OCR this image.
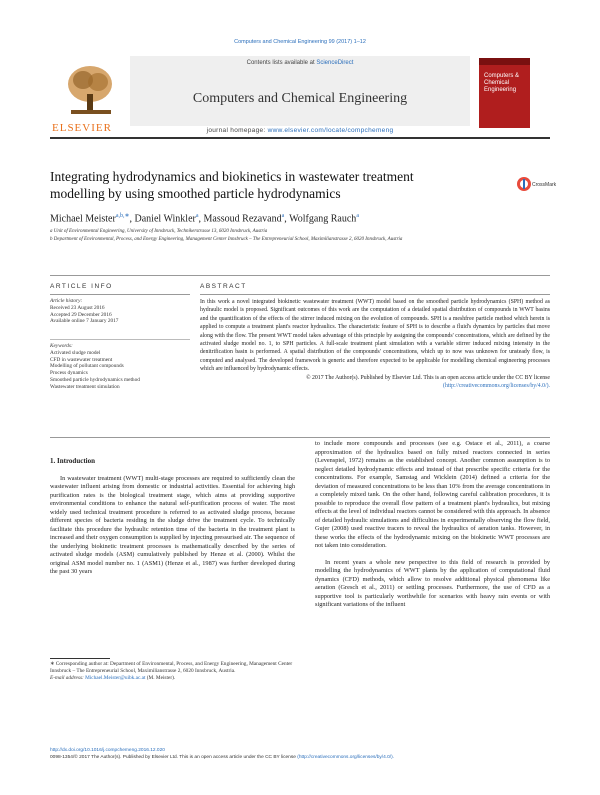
Computers and Chemical Engineering 99 (2017) 1–12
Contents lists available at ScienceDirect
Computers and Chemical Engineering
journal homepage: www.elsevier.com/locate/compchemeng
ELSEVIER
Computers & Chemical Engineering
Integrating hydrodynamics and biokinetics in wastewater treatment modelling by using smoothed particle hydrodynamics
CrossMark
Michael Meister$^{a,b,∗}$, Daniel Winkler$^a$, Massoud Rezavand$^a$, Wolfgang Rauch$^a$
a Unit of Environmental Engineering, University of Innsbruck, Technikerstrasse 13, 6020 Innsbruck, Austria
b Department of Environmental, Process, and Energy Engineering, Management Center Innsbruck – The Entrepreneurial School, Maximilianstrasse 2, 6020 Innsbruck, Austria
ARTICLE INFO	ABSTRACT
Article history:
Received 23 August 2016
Accepted 29 December 2016
Available online 7 January 2017
Keywords:
Activated sludge model
CFD in wastewater treatment
Modelling of pollutant compounds
Process dynamics
Smoothed particle hydrodynamics method
Wastewater treatment simulation
In this work a novel integrated biokinetic wastewater treatment (WWT) model based on the smoothed particle hydrodynamics (SPH) method as hydraulic model is proposed. Significant outcomes of this work are the computation of a detailed spatial distribution of compounds in WWT basins and the quantification of the effects of the stirrer induced mixing on the evolution of compounds. SPH is a meshfree particle method which herein is applied to compute a treatment plant's reactor hydraulics. The characteristic feature of SPH is to describe a fluid's dynamics by particles that move along with the flow. The present WWT model takes advantage of this principle by assigning the compounds' concentrations, which are defined by the activated sludge model no. 1, to SPH particles. A full-scale treatment plant simulation with a variable stirrer induced mixing intensity in the denitrification basin is performed. A spatial distribution of the compounds' concentrations, which up to now was unknown for unsteady flow, is computed and analysed. The developed framework is generic and therefore expected to be applicable for modelling chemical engineering processes which are influenced by hydrodynamic effects.
© 2017 The Author(s). Published by Elsevier Ltd. This is an open access article under the CC BY license (http://creativecommons.org/licenses/by/4.0/).
1. Introduction

In wastewater treatment (WWT) multi-stage processes are required to sufficiently clean the wastewater influent arising from domestic or industrial activities. Essential for achieving high purification rates is the biological treatment stage, which aims at providing supportive environmental conditions to enhance the natural self-purification process of water. The most widely used technical treatment procedure is referred to as activated sludge process, because different species of bacteria residing in the sludge drive the treatment cycle. To technically facilitate this procedure the hydraulic retention time of the bacteria in the treatment plant is increased and their oxygen consumption is supplied by injecting pressurised air. The sequence of the underlying biokinetic treatment processes is mathematically described by the series of activated sludge models (ASM) cumulatively published by Henze et al. (2000). Whilst the original ASM model number no. 1 (ASM1) (Henze et al., 1987) was further developed during the past 30 years

to include more compounds and processes (see e.g. Ostace et al., 2011), a coarse approximation of the hydraulics based on fully mixed reactors connected in series (Levenspiel, 1972) remains as the established concept. Another common assumption is to neglect detailed hydrodynamic effects and instead of that prescribe specific criteria for the concentrations. For example, Samstag and Wicklein (2014) defined a criteria for the deviation of measured concentrations to be less than 10% from the average concentrations in a completely mixed tank. On the other hand, following careful calibration procedures, it is possible to reproduce the overall flow pattern of a treatment plant's hydraulics, but mixing effects at the level of individual reactors cannot be considered with this approach. In absence of detailed hydraulic simulations and difficulties in experimentally observing the flow field, Gujer (2008) used reactive tracers to reveal the hydraulics of aeration tanks. However, in these works the effects of the hydrodynamic mixing on the biokinetic WWT processes are not taken into consideration.

In recent years a whole new perspective to this field of research is provided by modelling the hydrodynamics of WWT plants by the application of computational fluid dynamics (CFD) methods, which allow to resolve additional physical phenomena like aeration (Gresch et al., 2011) or settling processes. Furthermore, the use of CFD as a supportive tool is particularly worthwhile for scenarios with heavy rain events or with significant variations of the influent

∗ Corresponding author at: Department of Environmental, Process, and Energy Engineering, Management Center Innsbruck – The Entrepreneurial School, Maximilianstrasse 2, 6020 Innsbruck, Austria.
E-mail address: Michael.Meister@uibk.ac.at (M. Meister).
http://dx.doi.org/10.1016/j.compchemeng.2016.12.020
0098-1354/© 2017 The Author(s). Published by Elsevier Ltd. This is an open access article under the CC BY license (http://creativecommons.org/licenses/by/4.0/).
